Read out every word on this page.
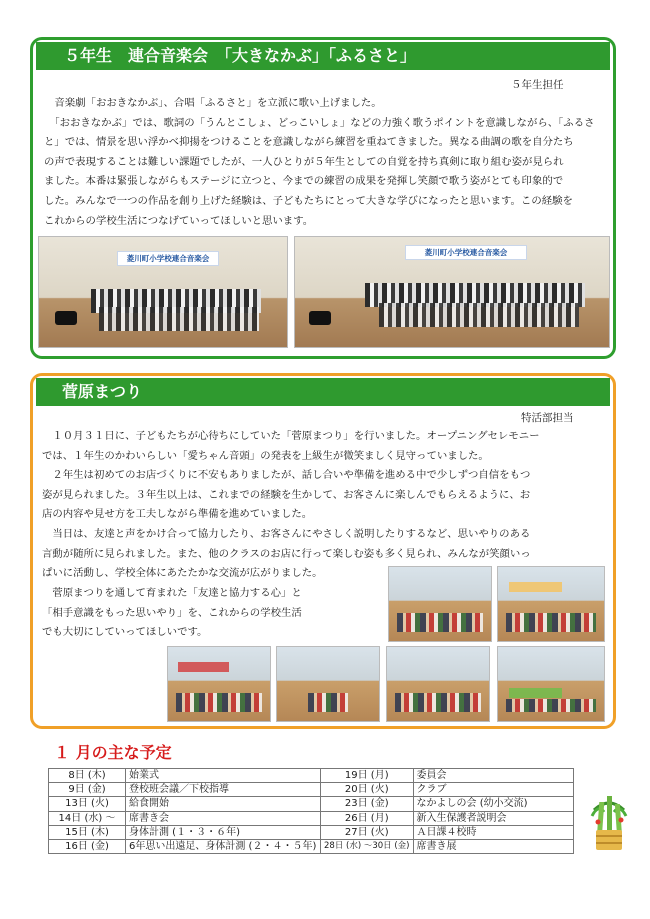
５年生　連合音楽会　「大きなかぶ」「ふるさと」
５年生担任

　音楽劇「おおきなかぶ」、合唱「ふるさと」を立派に歌い上げました。

　「おおきなかぶ」では、歌詞の「うんとこしょ、どっこいしょ」などの力強く歌うポイントを意識しながら、「ふるさ

と」では、情景を思い浮かべ抑揚をつけることを意識しながら練習を重ねてきました。異なる曲調の歌を自分たち

の声で表現することは難しい課題でしたが、一人ひとりが５年生としての自覚を持ち真剣に取り組む姿が見られ

ました。本番は緊張しながらもステージに立つと、今までの練習の成果を発揮し笑顔で歌う姿がとても印象的で

した。みんなで一つの作品を創り上げた経験は、子どもたちにとって大きな学びになったと思います。この経験を

これからの学校生活につなげていってほしいと思います。

菱川町小学校連合音楽会
菱川町小学校連合音楽会
菅原まつり
特活部担当

　１０月３１日に、子どもたちが心待ちにしていた「菅原まつり」を行いました。オープニングセレモニー

では、１年生のかわいらしい「愛ちゃん音頭」の発表を上級生が微笑ましく見守っていました。

　２年生は初めてのお店づくりに不安もありましたが、話し合いや準備を進める中で少しずつ自信をもつ

姿が見られました。３年生以上は、これまでの経験を生かして、お客さんに楽しんでもらえるように、お

店の内容や見せ方を工夫しながら準備を進めていました。

　当日は、友達と声をかけ合って協力したり、お客さんにやさしく説明したりするなど、思いやりのある

言動が随所に見られました。また、他のクラスのお店に行って楽しむ姿も多く見られ、みんなが笑顔いっ

ぱいに活動し、学校全体にあたたかな交流が広がりました。

　菅原まつりを通して育まれた「友達と協力する心」と

「相手意識をもった思いやり」を、これからの学校生活

でも大切にしていってほしいです。

１ 月の主な予定
8日 (木)	始業式	19日 (月)	委員会
9日 (金)	登校班会議／下校指導	20日 (火)	クラブ
13日 (火)	給食開始	23日 (金)	なかよしの会 (幼小交流)
14日 (水) ～	席書き会	26日 (月)	新入生保護者説明会
15日 (木)	身体計測 (１・３・６年)	27日 (火)	Ａ日課４校時
16日 (金)	6年思い出遠足、身体計測 (２・４・５年)	28日 (水) ～30日 (金)	席書き展
